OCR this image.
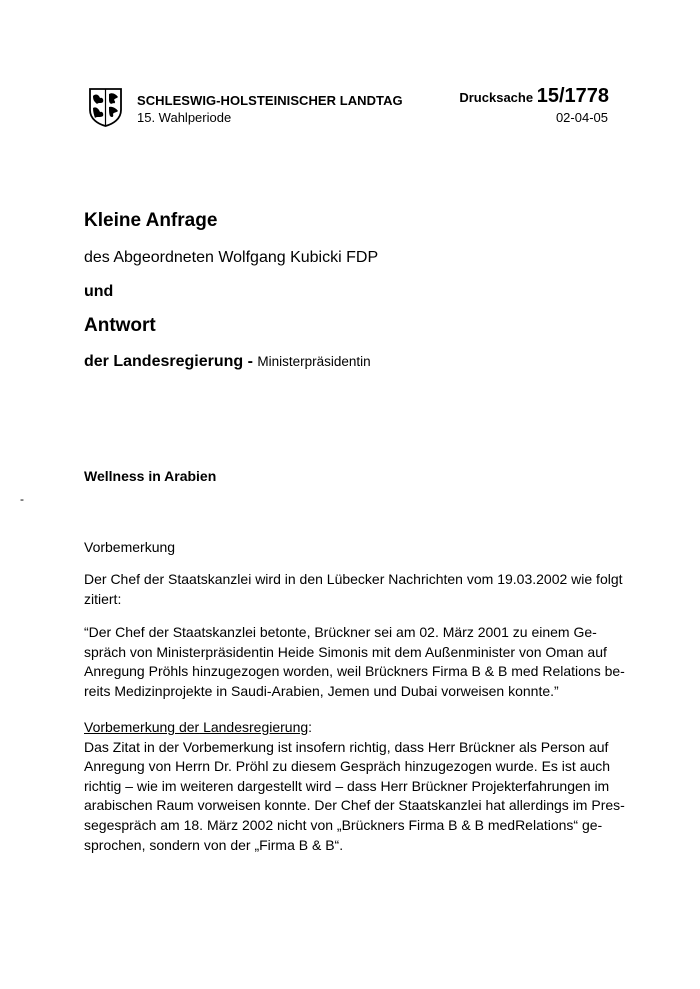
SCHLESWIG-HOLSTEINISCHER LANDTAG
15. Wahlperiode
Drucksache 15/1778
02-04-05
Kleine Anfrage
des Abgeordneten Wolfgang Kubicki FDP
und
Antwort
der Landesregierung - Ministerpräsidentin
Wellness in Arabien
-
Vorbemerkung
Der Chef der Staatskanzlei wird in den Lübecker Nachrichten vom 19.03.2002 wie folgt
zitiert:
“Der Chef der Staatskanzlei betonte, Brückner sei am 02. März 2001 zu einem Ge-
spräch von Ministerpräsidentin Heide Simonis mit dem Außenminister von Oman auf
Anregung Pröhls hinzugezogen worden, weil Brückners Firma B & B med Relations be-
reits Medizinprojekte in Saudi-Arabien, Jemen und Dubai vorweisen konnte.”
Vorbemerkung der Landesregierung:
Das Zitat in der Vorbemerkung ist insofern richtig, dass Herr Brückner als Person auf
Anregung von Herrn Dr. Pröhl zu diesem Gespräch hinzugezogen wurde. Es ist auch
richtig – wie im weiteren dargestellt wird – dass Herr Brückner Projekterfahrungen im
arabischen Raum vorweisen konnte. Der Chef der Staatskanzlei hat allerdings im Pres-
segespräch am 18. März 2002 nicht von „Brückners Firma B & B medRelations“ ge-
sprochen, sondern von der „Firma B & B“.
